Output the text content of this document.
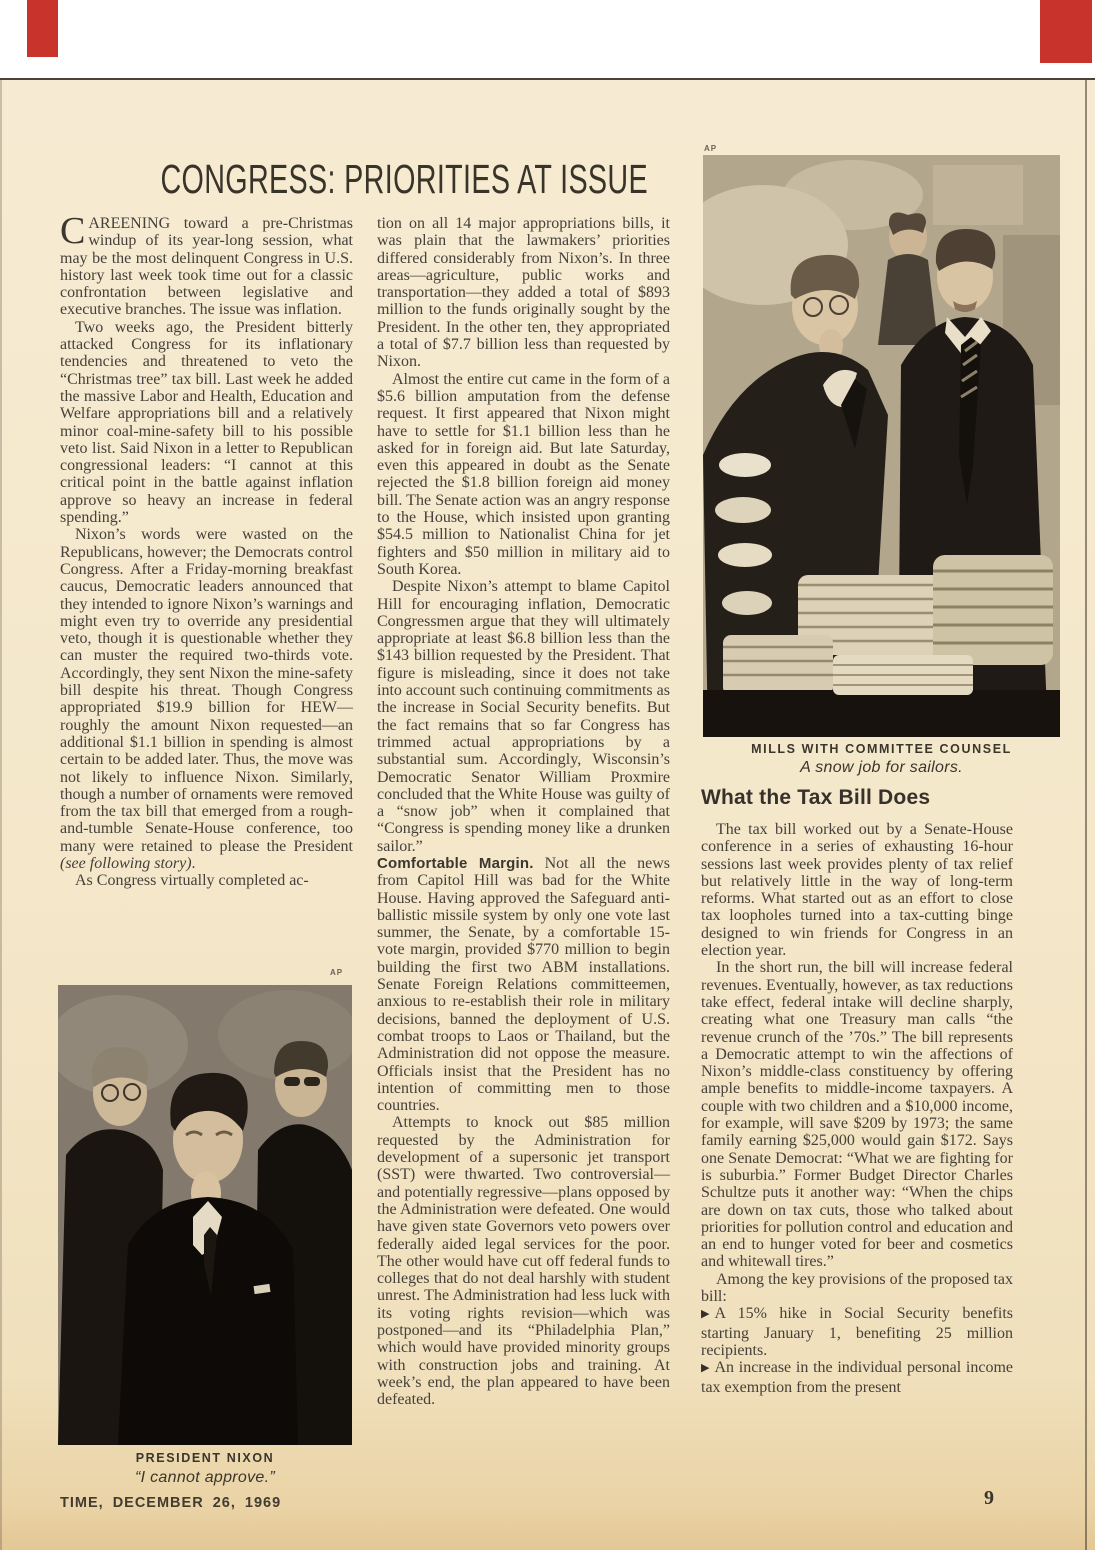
CONGRESS: PRIORITIES AT ISSUE

CAREENING toward a pre-Christmas windup of its year-long session, what may be the most delinquent Congress in U.S. history last week took time out for a classic confrontation between legislative and executive branches. The issue was inflation.

Two weeks ago, the President bitterly attacked Congress for its inflationary tendencies and threatened to veto the “Christmas tree” tax bill. Last week he added the massive Labor and Health, Education and Welfare appropriations bill and a relatively minor coal-mine-safety bill to his possible veto list. Said Nixon in a letter to Republican congressional leaders: “I cannot at this critical point in the battle against inflation approve so heavy an increase in federal spending.”

Nixon’s words were wasted on the Republicans, however; the Democrats control Congress. After a Friday-morning breakfast caucus, Democratic leaders announced that they intended to ignore Nixon’s warnings and might even try to override any presidential veto, though it is questionable whether they can muster the required two-thirds vote. Accordingly, they sent Nixon the mine-safety bill despite his threat. Though Congress appropriated $19.9 billion for HEW—roughly the amount Nixon requested—an additional $1.1 billion in spending is almost certain to be added later. Thus, the move was not likely to influence Nixon. Similarly, though a number of ornaments were removed from the tax bill that emerged from a rough-and-tumble Senate-House conference, too many were retained to please the President (see following story).

As Congress virtually completed ac-

tion on all 14 major appropriations bills, it was plain that the lawmakers’ priorities differed considerably from Nixon’s. In three areas—agriculture, public works and transportation—they added a total of $893 million to the funds originally sought by the President. In the other ten, they appropriated a total of $7.7 billion less than requested by Nixon.

Almost the entire cut came in the form of a $5.6 billion amputation from the defense request. It first appeared that Nixon might have to settle for $1.1 billion less than he asked for in foreign aid. But late Saturday, even this appeared in doubt as the Senate rejected the $1.8 billion foreign aid money bill. The Senate action was an angry response to the House, which insisted upon granting $54.5 million to Nationalist China for jet fighters and $50 million in military aid to South Korea.

Despite Nixon’s attempt to blame Capitol Hill for encouraging inflation, Democratic Congressmen argue that they will ultimately appropriate at least $6.8 billion less than the $143 billion requested by the President. That figure is misleading, since it does not take into account such continuing commitments as the increase in Social Security benefits. But the fact remains that so far Congress has trimmed actual appropriations by a substantial sum. Accordingly, Wisconsin’s Democratic Senator William Proxmire concluded that the White House was guilty of a “snow job” when it complained that “Congress is spending money like a drunken sailor.”

Comfortable Margin. Not all the news from Capitol Hill was bad for the White House. Having approved the Safeguard anti-ballistic missile system by only one vote last summer, the Senate, by a comfortable 15-vote margin, provided $770 million to begin building the first two ABM installations. Senate Foreign Relations committeemen, anxious to re-establish their role in military decisions, banned the deployment of U.S. combat troops to Laos or Thailand, but the Administration did not oppose the measure. Officials insist that the President has no intention of committing men to those countries.

Attempts to knock out $85 million requested by the Administration for development of a supersonic jet transport (SST) were thwarted. Two controversial—and potentially regressive—plans opposed by the Administration were defeated. One would have given state Governors veto powers over federally aided legal services for the poor. The other would have cut off federal funds to colleges that do not deal harshly with student unrest. The Administration had less luck with its voting rights revision—which was postponed—and its “Philadelphia Plan,” which would have provided minority groups with construction jobs and training. At week’s end, the plan appeared to have been defeated.

AP
MILLS WITH COMMITTEE COUNSEL
A snow job for sailors.
What the Tax Bill Does

The tax bill worked out by a Senate-House conference in a series of exhausting 16-hour sessions last week provides plenty of tax relief but relatively little in the way of long-term reforms. What started out as an effort to close tax loopholes turned into a tax-cutting binge designed to win friends for Congress in an election year.

In the short run, the bill will increase federal revenues. Eventually, however, as tax reductions take effect, federal intake will decline sharply, creating what one Treasury man calls “the revenue crunch of the ’70s.” The bill represents a Democratic attempt to win the affections of Nixon’s middle-class constituency by offering ample benefits to middle-income taxpayers. A couple with two children and a $10,000 income, for example, will save $209 by 1973; the same family earning $25,000 would gain $172. Says one Senate Democrat: “What we are fighting for is suburbia.” Former Budget Director Charles Schultze puts it another way: “When the chips are down on tax cuts, those who talked about priorities for pollution control and education and an end to hunger voted for beer and cosmetics and whitewall tires.”

Among the key provisions of the proposed tax bill:

▶ A 15% hike in Social Security benefits starting January 1, benefiting 25 million recipients.

▶ An increase in the individual personal income tax exemption from the present

AP
PRESIDENT NIXON
“I cannot approve.”
TIME, DECEMBER 26, 1969	9
